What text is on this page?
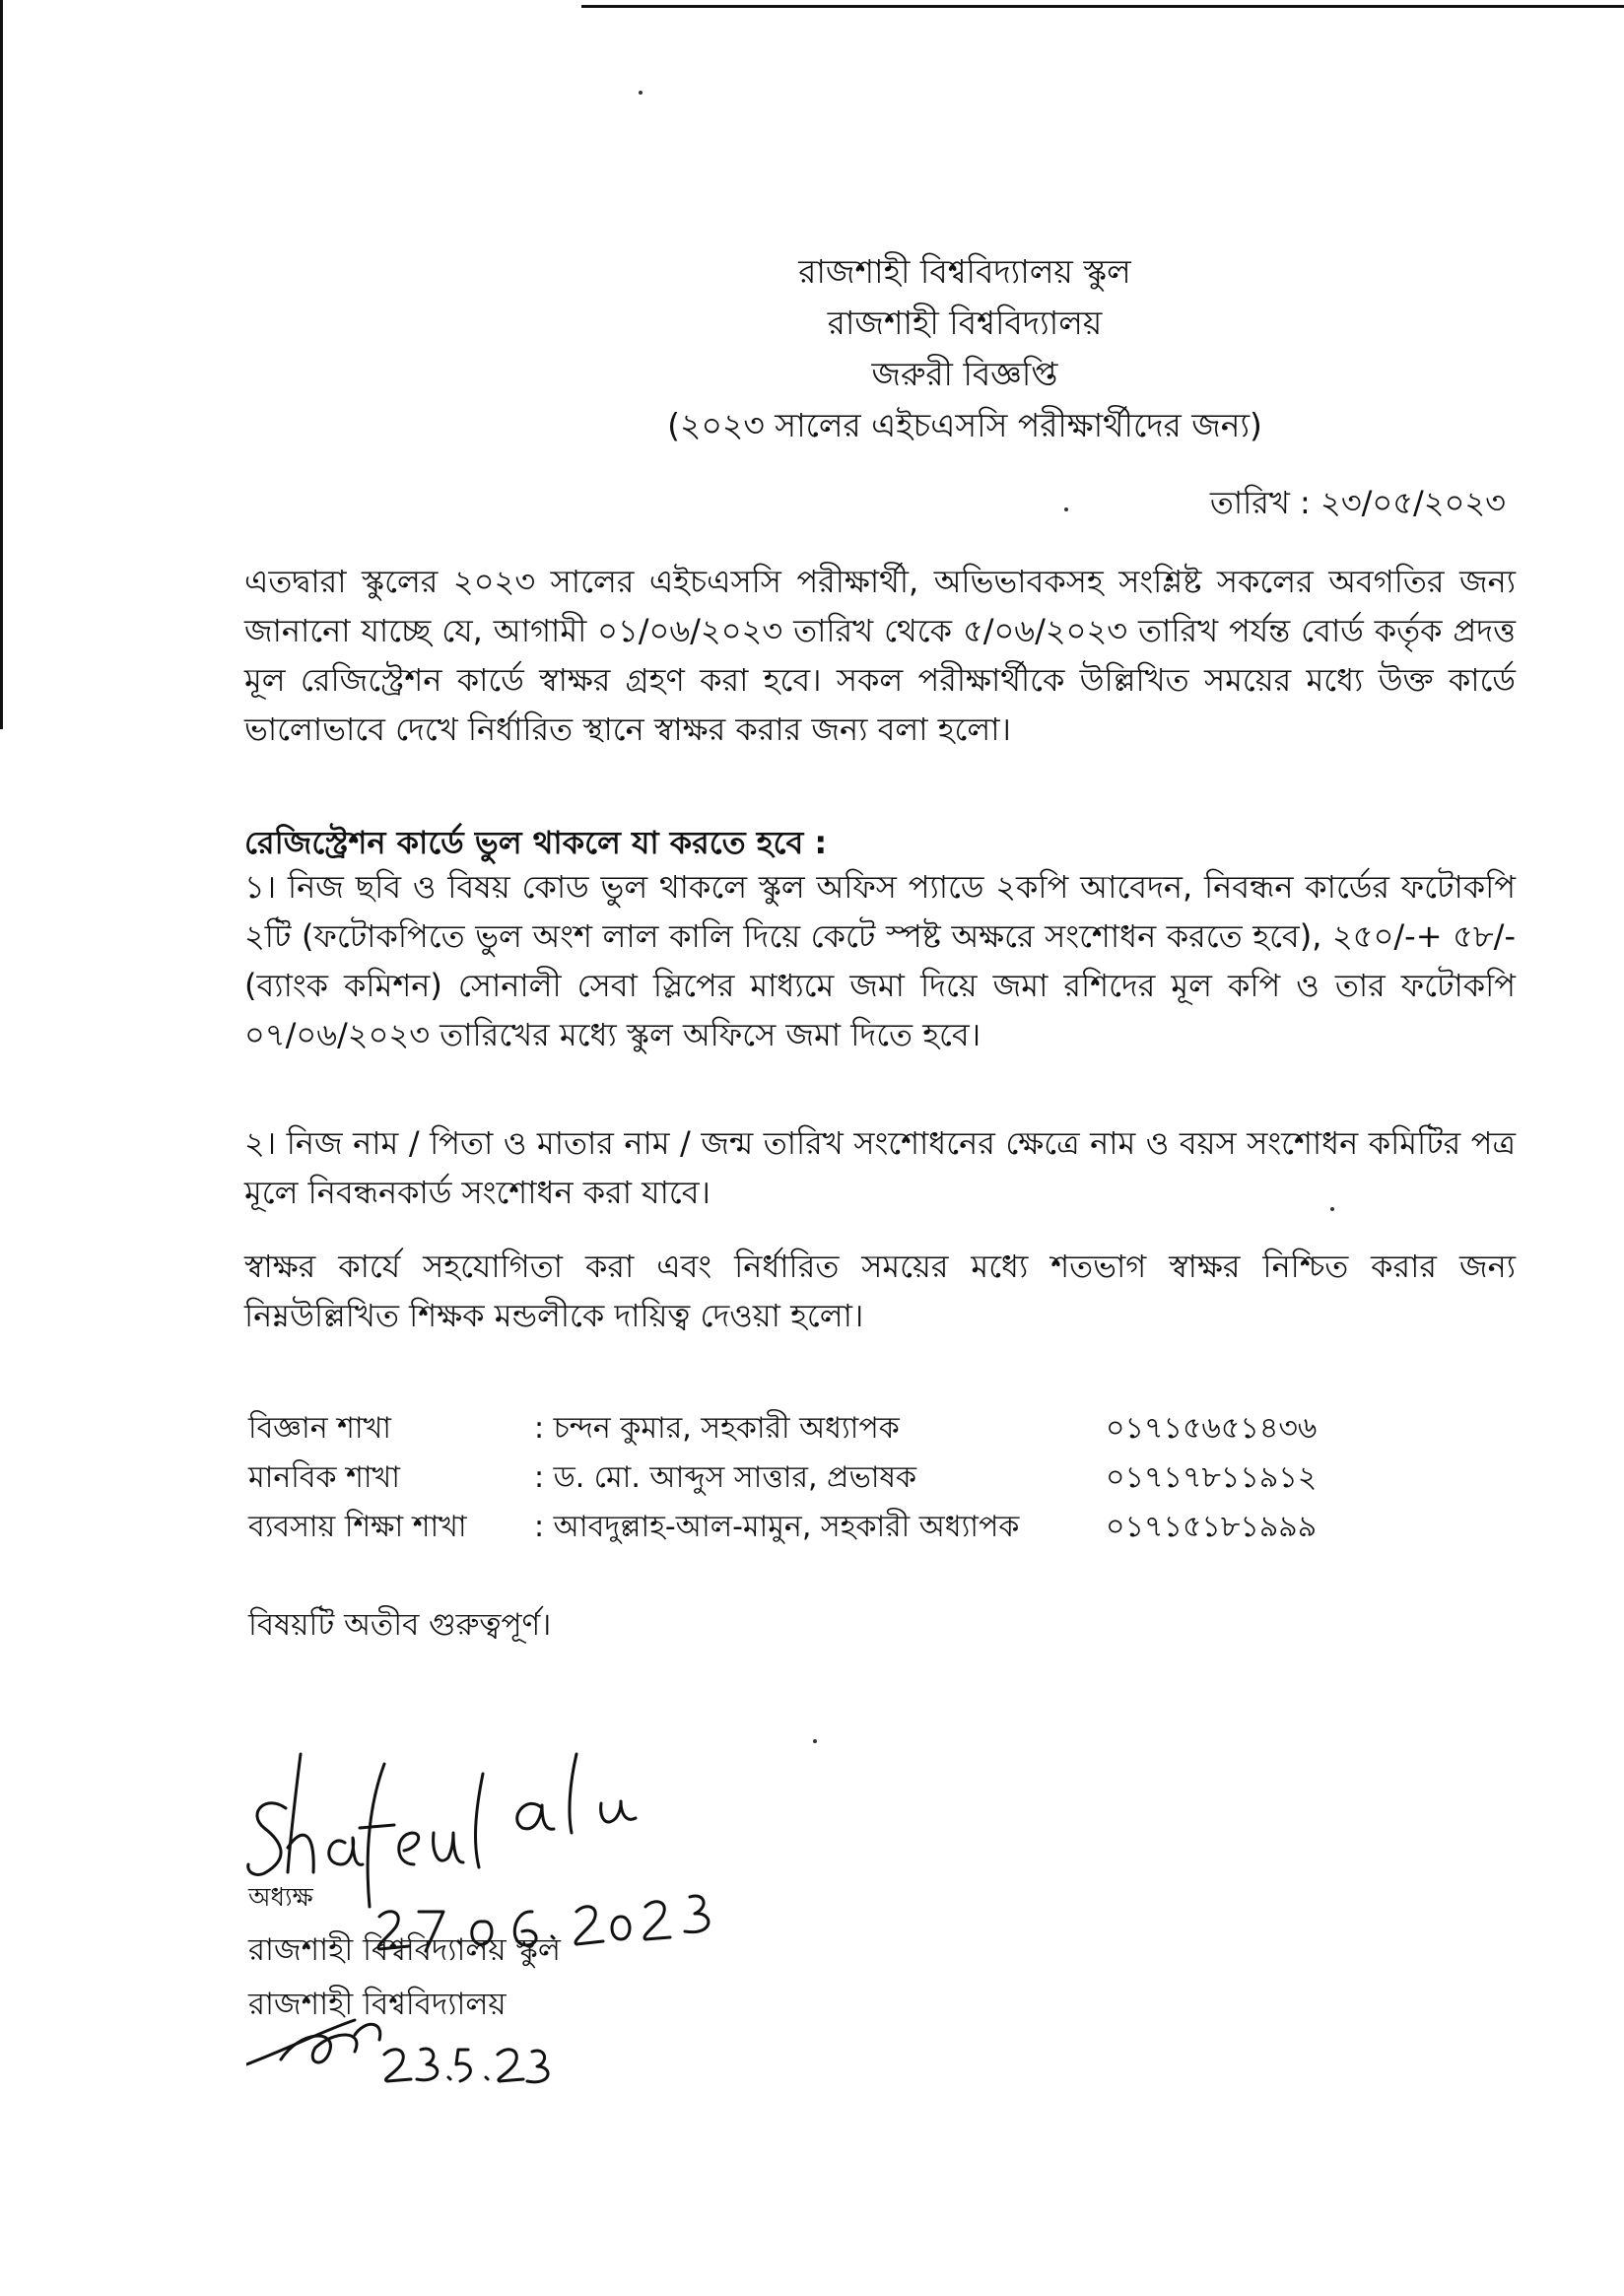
রাজশাহী বিশ্ববিদ্যালয় স্কুল
রাজশাহী বিশ্ববিদ্যালয়
জরুরী বিজ্ঞপ্তি
(২০২৩ সালের এইচএসসি পরীক্ষার্থীদের জন্য)
তারিখ : ২৩/০৫/২০২৩
এতদ্বারা স্কুলের ২০২৩ সালের এইচএসসি পরীক্ষার্থী, অভিভাবকসহ সংশ্লিষ্ট সকলের অবগতির জন্য জানানো যাচ্ছে যে, আগামী ০১/০৬/২০২৩ তারিখ থেকে ৫/০৬/২০২৩ তারিখ পর্যন্ত বোর্ড কর্তৃক প্রদত্ত মূল রেজিস্ট্রেশন কার্ডে স্বাক্ষর গ্রহণ করা হবে। সকল পরীক্ষার্থীকে উল্লিখিত সময়ের মধ্যে উক্ত কার্ডে ভালোভাবে দেখে নির্ধারিত স্থানে স্বাক্ষর করার জন্য বলা হলো।
রেজিস্ট্রেশন কার্ডে ভুল থাকলে যা করতে হবে :
১। নিজ ছবি ও বিষয় কোড ভুল থাকলে স্কুল অফিস প্যাডে ২কপি আবেদন, নিবন্ধন কার্ডের ফটোকপি ২টি (ফটোকপিতে ভুল অংশ লাল কালি দিয়ে কেটে স্পষ্ট অক্ষরে সংশোধন করতে হবে), ২৫০/-+ ৫৮/-(ব্যাংক কমিশন) সোনালী সেবা স্লিপের মাধ্যমে জমা দিয়ে জমা রশিদের মূল কপি ও তার ফটোকপি ০৭/০৬/২০২৩ তারিখের মধ্যে স্কুল অফিসে জমা দিতে হবে।
২। নিজ নাম / পিতা ও মাতার নাম / জন্ম তারিখ সংশোধনের ক্ষেত্রে নাম ও বয়স সংশোধন কমিটির পত্র মূলে নিবন্ধনকার্ড সংশোধন করা যাবে।
স্বাক্ষর কার্যে সহযোগিতা করা এবং নির্ধারিত সময়ের মধ্যে শতভাগ স্বাক্ষর নিশ্চিত করার জন্য নিম্নউল্লিখিত শিক্ষক মন্ডলীকে দায়িত্ব দেওয়া হলো।
বিজ্ঞান শাখা	: চন্দন কুমার, সহকারী অধ্যাপক	০১৭১৫৬৫১৪৩৬
মানবিক শাখা	: ড. মো. আব্দুস সাত্তার, প্রভাষক	০১৭১৭৮১১৯১২
ব্যবসায় শিক্ষা শাখা : আবদুল্লাহ-আল-মামুন, সহকারী অধ্যাপক	০১৭১৫১৮১৯৯৯
বিষয়টি অতীব গুরুত্বপূর্ণ।
অধ্যক্ষ
রাজশাহী বিশ্ববিদ্যালয় স্কুল
রাজশাহী বিশ্ববিদ্যালয়
